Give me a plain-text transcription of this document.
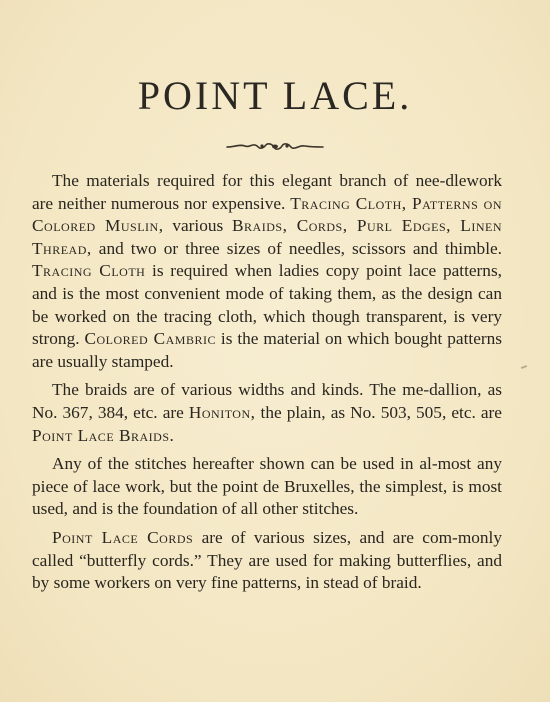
POINT LACE.

The materials required for this elegant branch of nee-dlework are neither numerous nor expensive. Tracing Cloth, Patterns on Colored Muslin, various Braids, Cords, Purl Edges, Linen Thread, and two or three sizes of needles, scissors and thimble. Tracing Cloth is required when ladies copy point lace patterns, and is the most convenient mode of taking them, as the design can be worked on the tracing cloth, which though transparent, is very strong. Colored Cambric is the material on which bought patterns are usually stamped.

The braids are of various widths and kinds. The me-dallion, as No. 367, 384, etc. are Honiton, the plain, as No. 503, 505, etc. are Point Lace Braids.

Any of the stitches hereafter shown can be used in al-most any piece of lace work, but the point de Bruxelles, the simplest, is most used, and is the foundation of all other stitches.

Point Lace Cords are of various sizes, and are com-monly called “butterfly cords.” They are used for making butterflies, and by some workers on very fine patterns, in stead of braid.
